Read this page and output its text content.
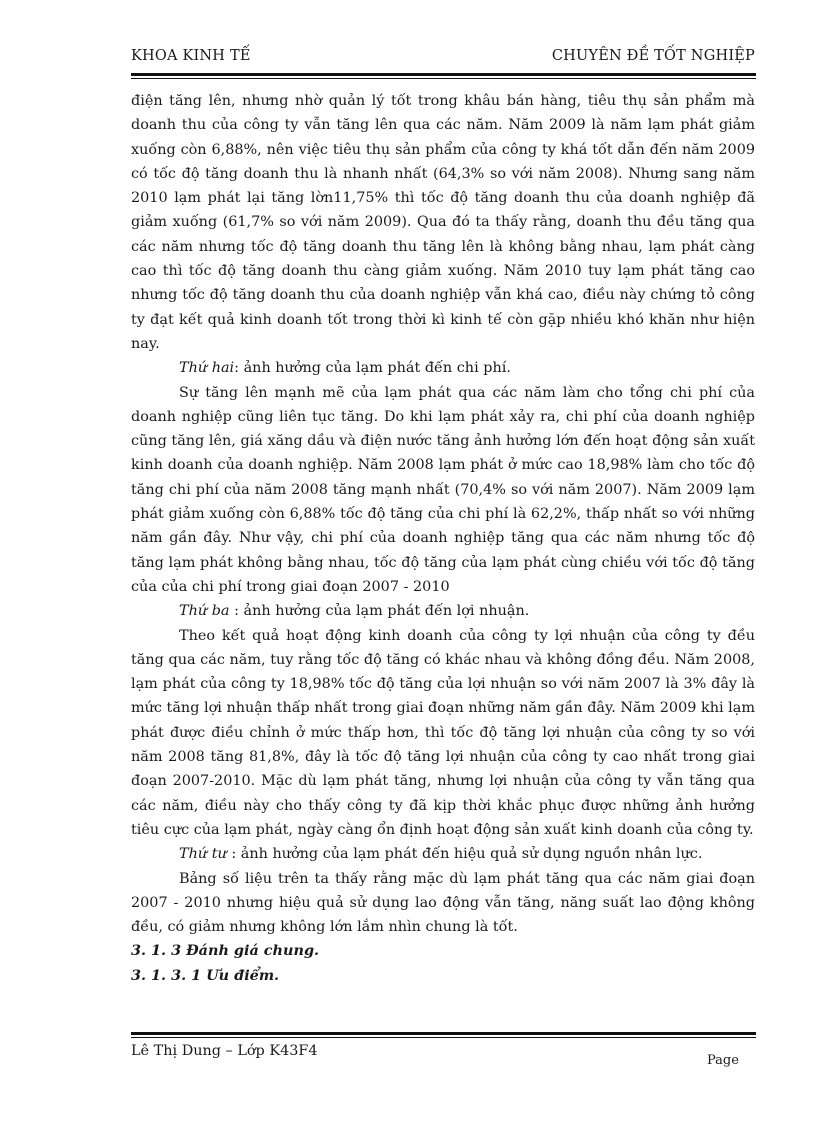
KHOA KINH TẾ	CHUYÊN ĐỀ TỐT NGHIỆP

điện tăng lên, nhưng nhờ quản lý tốt trong khâu bán hàng, tiêu thụ sản phẩm mà doanh thu của công ty vẫn tăng lên qua các năm. Năm 2009 là năm lạm phát giảm xuống còn 6,88%, nên việc tiêu thụ sản phẩm của công ty khá tốt dẫn đến năm 2009 có tốc độ tăng doanh thu là nhanh nhất (64,3% so với năm 2008). Nhưng sang năm 2010 lạm phát lại tăng lờn11,75% thì tốc độ tăng doanh thu của doanh nghiệp đã giảm xuống (61,7% so với năm 2009). Qua đó ta thấy rằng, doanh thu đều tăng qua các năm nhưng tốc độ tăng doanh thu tăng lên là không bằng nhau, lạm phát càng cao thì tốc độ tăng doanh thu càng giảm xuống. Năm 2010 tuy lạm phát tăng cao nhưng tốc độ tăng doanh thu của doanh nghiệp vẫn khá cao, điều này chứng tỏ công ty đạt kết quả kinh doanh tốt trong thời kì kinh tế còn gặp nhiều khó khăn như hiện nay.

Thứ hai: ảnh hưởng của lạm phát đến chi phí.

Sự tăng lên mạnh mẽ của lạm phát qua các năm làm cho tổng chi phí của doanh nghiệp cũng liên tục tăng. Do khi lạm phát xảy ra, chi phí của doanh nghiệp cũng tăng lên, giá xăng dầu và điện nước tăng ảnh hưởng lớn đến hoạt động sản xuất kinh doanh của doanh nghiệp. Năm 2008 lạm phát ở mức cao 18,98% làm cho tốc độ tăng chi phí của năm 2008 tăng mạnh nhất (70,4% so với năm 2007). Năm 2009 lạm phát giảm xuống còn 6,88% tốc độ tăng của chi phí là 62,2%, thấp nhất so với những năm gần đây. Như vậy, chi phí của doanh nghiệp tăng qua các năm nhưng tốc độ tăng lạm phát không bằng nhau, tốc độ tăng của lạm phát cùng chiều với tốc độ tăng của của chi phí trong giai đoạn 2007 - 2010

Thứ ba : ảnh hưởng của lạm phát đến lợi nhuận.

Theo kết quả hoạt động kinh doanh của công ty lợi nhuận của công ty đều tăng qua các năm, tuy rằng tốc độ tăng có khác nhau và không đồng đều. Năm 2008, lạm phát của công ty 18,98% tốc độ tăng của lợi nhuận so với năm 2007 là 3% đây là mức tăng lợi nhuận thấp nhất trong giai đoạn những năm gần đây. Năm 2009 khi lạm phát được điều chỉnh ở mức thấp hơn, thì tốc độ tăng lợi nhuận của công ty so với năm 2008 tăng 81,8%, đây là tốc độ tăng lợi nhuận của công ty cao nhất trong giai đoạn 2007-2010. Mặc dù lạm phát tăng, nhưng lợi nhuận của công ty vẫn tăng qua các năm, điều này cho thấy công ty đã kịp thời khắc phục được những ảnh hưởng tiêu cực của lạm phát, ngày càng ổn định hoạt động sản xuất kinh doanh của công ty.

Thứ tư : ảnh hưởng của lạm phát đến hiệu quả sử dụng nguồn nhân lực.

Bảng số liệu trên ta thấy rằng mặc dù lạm phát tăng qua các năm giai đoạn 2007 - 2010 nhưng hiệu quả sử dụng lao động vẫn tăng, năng suất lao động không đều, có giảm nhưng không lớn lắm nhìn chung là tốt.

3. 1. 3 Đánh giá chung.

3. 1. 3. 1 Ưu điểm.

Lê Thị Dung – Lớp K43F4
Page
